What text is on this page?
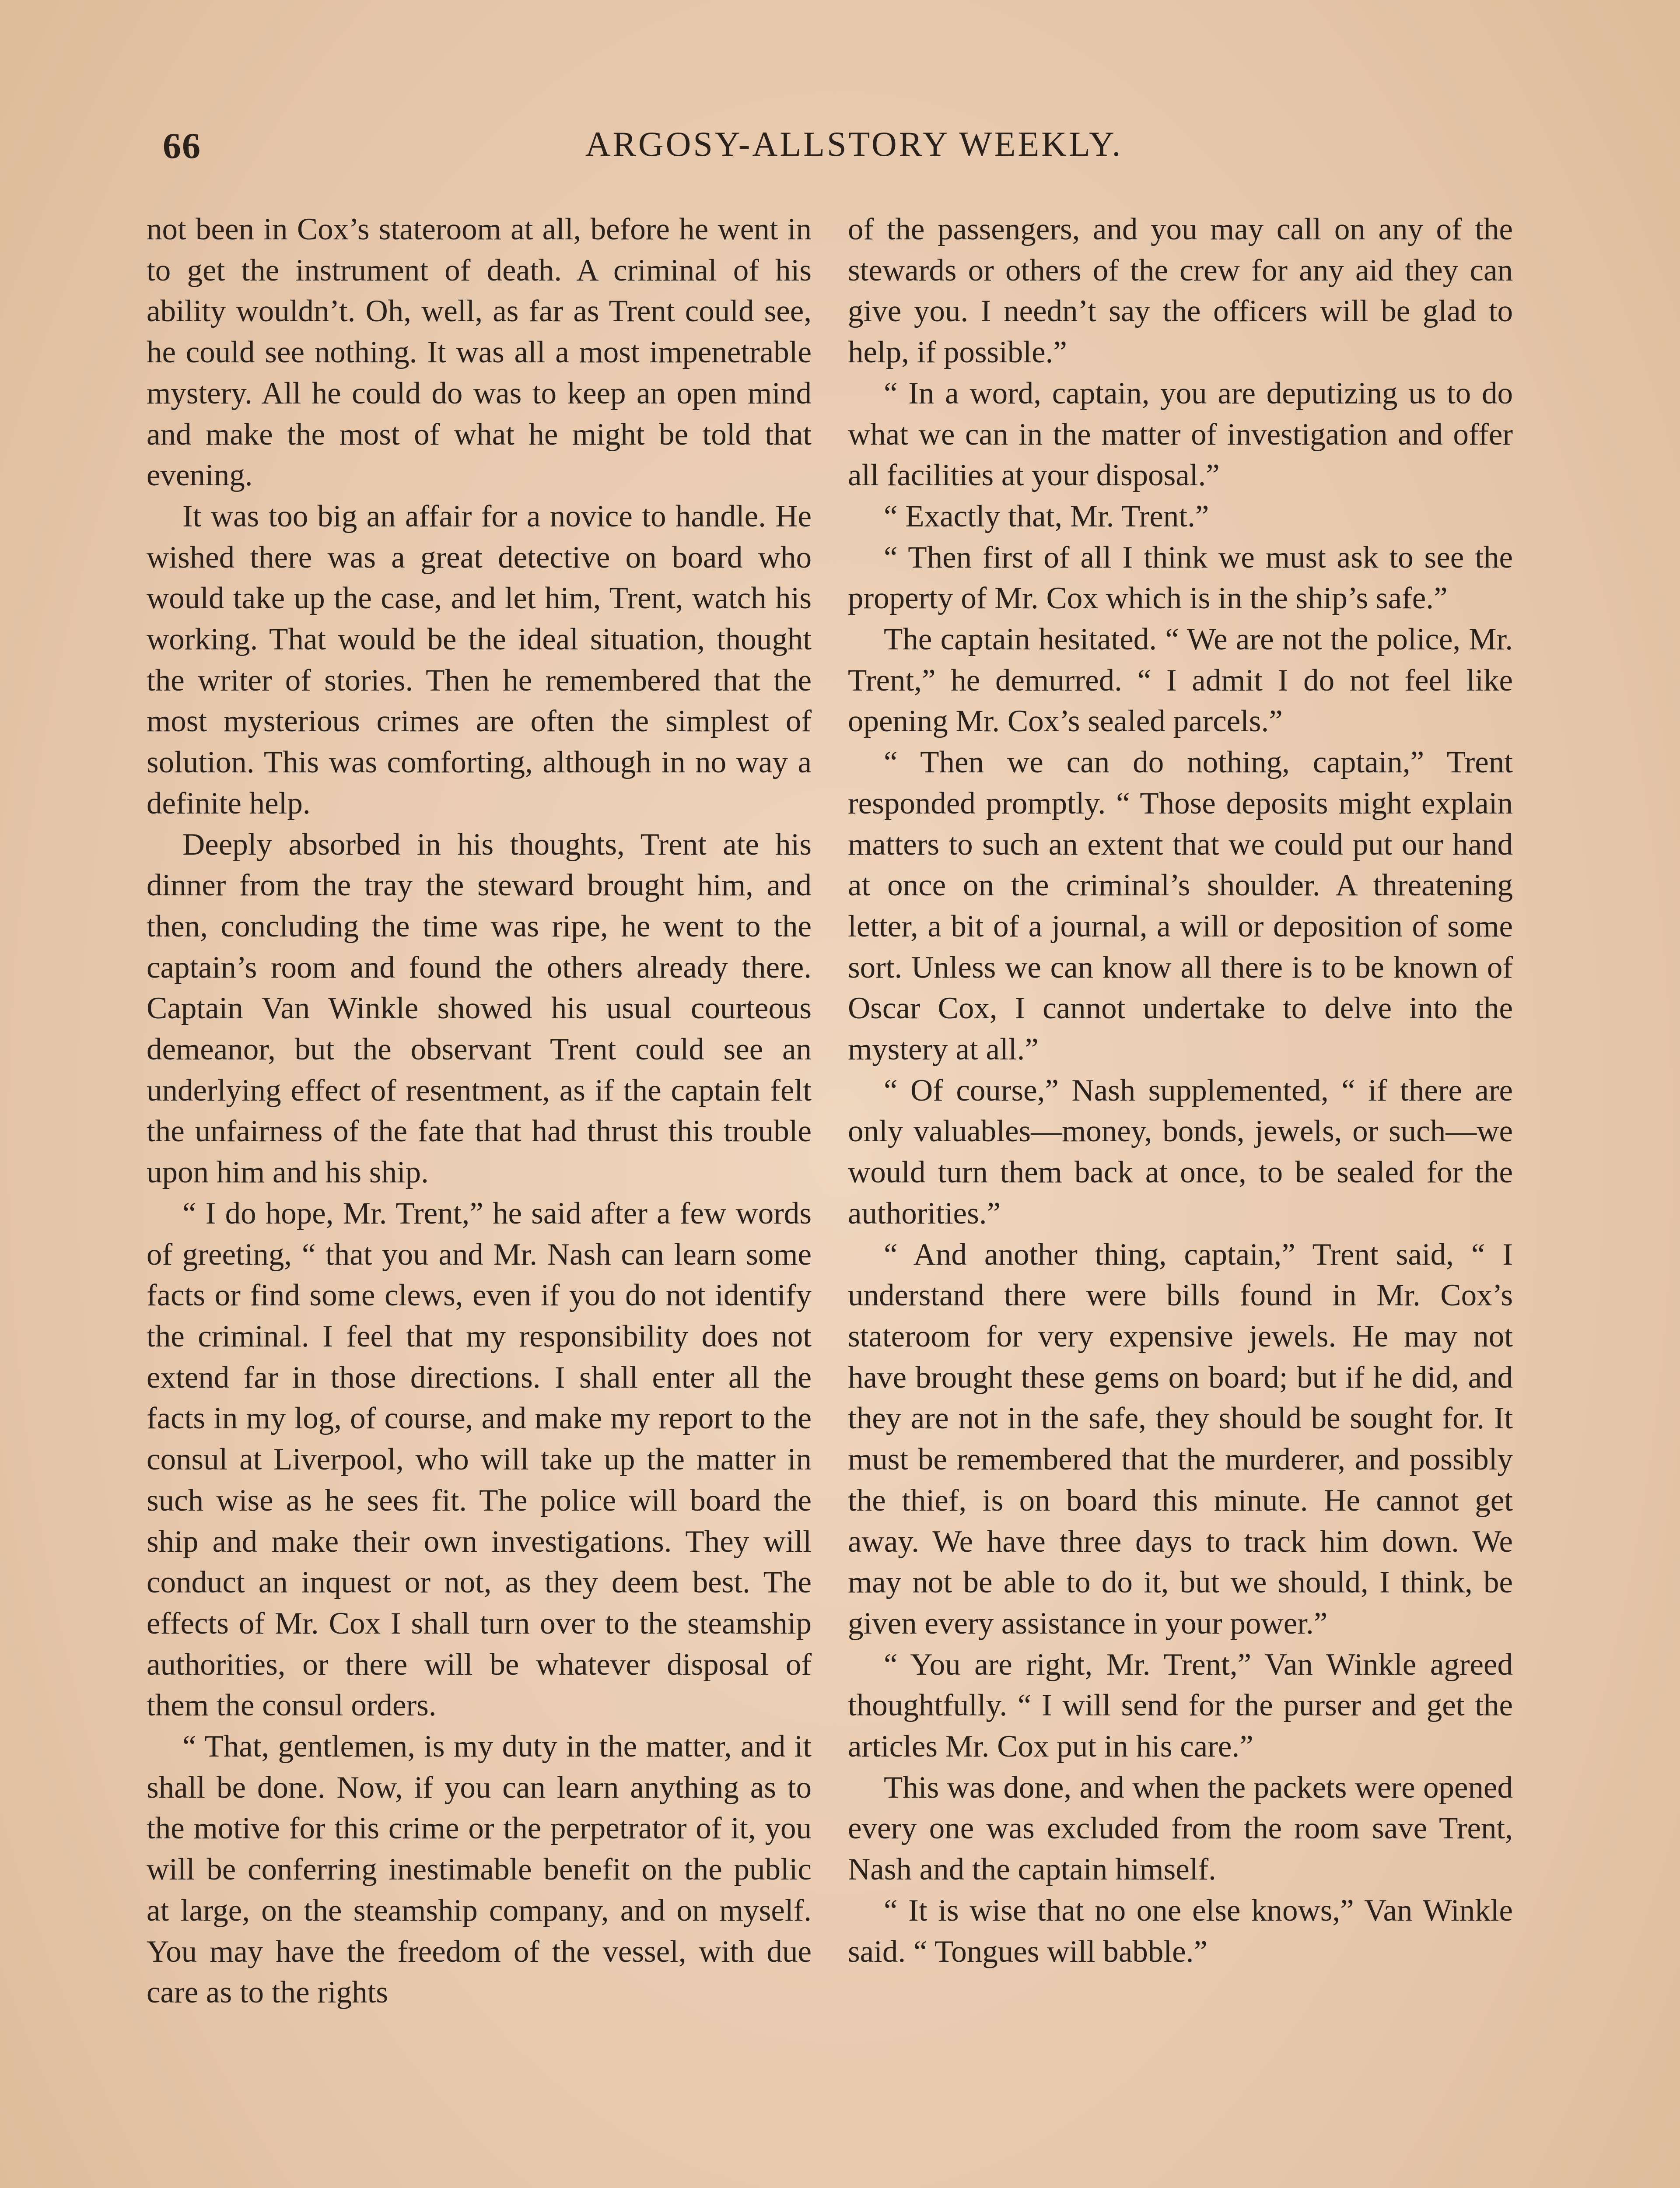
66	ARGOSY-ALLSTORY WEEKLY.

not been in Cox’s stateroom at all, before he went in to get the instrument of death. A criminal of his ability wouldn’t. Oh, well, as far as Trent could see, he could see nothing. It was all a most impenetrable mystery. All he could do was to keep an open mind and make the most of what he might be told that evening.

It was too big an affair for a novice to handle. He wished there was a great detective on board who would take up the case, and let him, Trent, watch his working. That would be the ideal situation, thought the writer of stories. Then he remembered that the most mysterious crimes are often the simplest of solution. This was comforting, although in no way a definite help.

Deeply absorbed in his thoughts, Trent ate his dinner from the tray the steward brought him, and then, concluding the time was ripe, he went to the captain’s room and found the others already there. Captain Van Winkle showed his usual courteous demeanor, but the observant Trent could see an underlying effect of resentment, as if the captain felt the unfairness of the fate that had thrust this trouble upon him and his ship.

“ I do hope, Mr. Trent,” he said after a few words of greeting, “ that you and Mr. Nash can learn some facts or find some clews, even if you do not identify the criminal. I feel that my responsibility does not extend far in those directions. I shall enter all the facts in my log, of course, and make my report to the consul at Liverpool, who will take up the matter in such wise as he sees fit. The police will board the ship and make their own investigations. They will conduct an inquest or not, as they deem best. The effects of Mr. Cox I shall turn over to the steamship authorities, or there will be whatever disposal of them the consul orders.

“ That, gentlemen, is my duty in the matter, and it shall be done. Now, if you can learn anything as to the motive for this crime or the perpetrator of it, you will be conferring inestimable benefit on the public at large, on the steamship company, and on myself. You may have the freedom of the vessel, with due care as to the rights

of the passengers, and you may call on any of the stewards or others of the crew for any aid they can give you. I needn’t say the officers will be glad to help, if possible.”

“ In a word, captain, you are deputizing us to do what we can in the matter of investigation and offer all facilities at your disposal.”

“ Exactly that, Mr. Trent.”

“ Then first of all I think we must ask to see the property of Mr. Cox which is in the ship’s safe.”

The captain hesitated. “ We are not the police, Mr. Trent,” he demurred. “ I admit I do not feel like opening Mr. Cox’s sealed parcels.”

“ Then we can do nothing, captain,” Trent responded promptly. “ Those deposits might explain matters to such an extent that we could put our hand at once on the criminal’s shoulder. A threatening letter, a bit of a journal, a will or deposition of some sort. Unless we can know all there is to be known of Oscar Cox, I cannot undertake to delve into the mystery at all.”

“ Of course,” Nash supplemented, “ if there are only valuables—money, bonds, jewels, or such—we would turn them back at once, to be sealed for the authorities.”

“ And another thing, captain,” Trent said, “ I understand there were bills found in Mr. Cox’s stateroom for very expensive jewels. He may not have brought these gems on board; but if he did, and they are not in the safe, they should be sought for. It must be remembered that the murderer, and possibly the thief, is on board this minute. He cannot get away. We have three days to track him down. We may not be able to do it, but we should, I think, be given every assistance in your power.”

“ You are right, Mr. Trent,” Van Winkle agreed thoughtfully. “ I will send for the purser and get the articles Mr. Cox put in his care.”

This was done, and when the packets were opened every one was excluded from the room save Trent, Nash and the captain himself.

“ It is wise that no one else knows,” Van Winkle said. “ Tongues will babble.”
